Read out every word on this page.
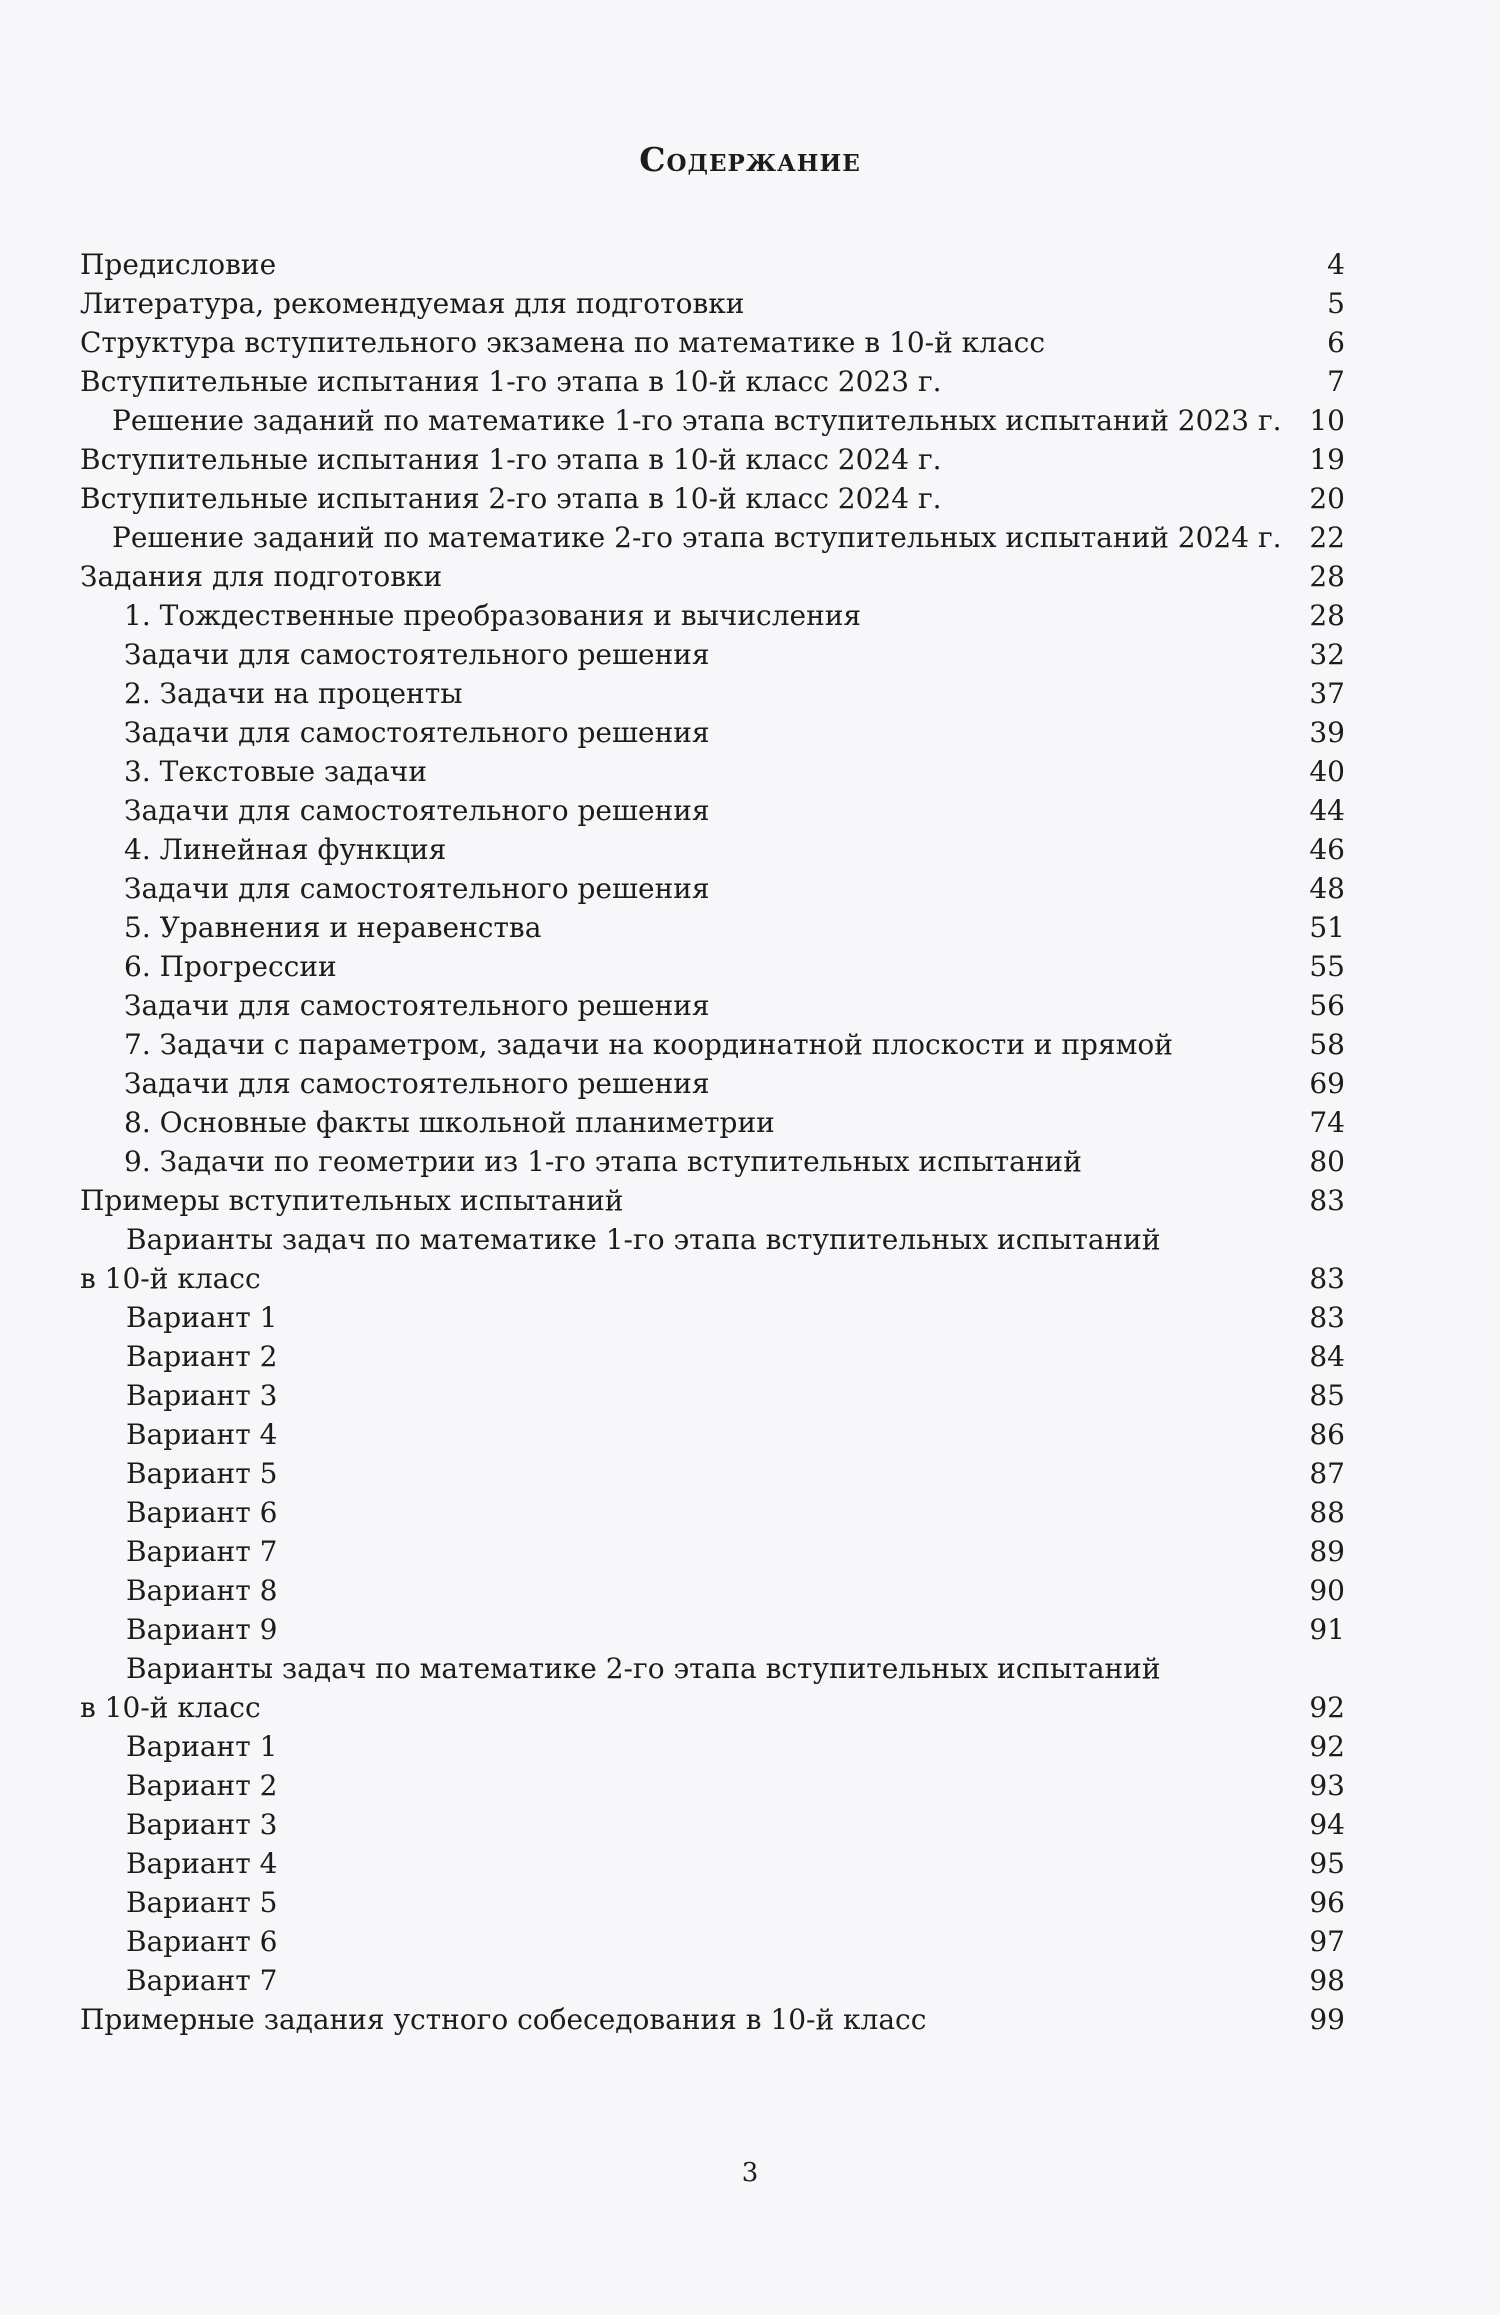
Содержание
Предисловие	4
Литература, рекомендуемая для подготовки	5
Структура вступительного экзамена по математике в 10-й класс	6
Вступительные испытания 1-го этапа в 10-й класс 2023 г.	7
Решение заданий по математике 1-го этапа вступительных испытаний 2023 г. 10
Вступительные испытания 1-го этапа в 10-й класс 2024 г.	19
Вступительные испытания 2-го этапа в 10-й класс 2024 г.	20
Решение заданий по математике 2-го этапа вступительных испытаний 2024 г. 22
Задания для подготовки	28
1. Тождественные преобразования и вычисления	28
Задачи для самостоятельного решения	32
2. Задачи на проценты	37
Задачи для самостоятельного решения	39
3. Текстовые задачи	40
Задачи для самостоятельного решения	44
4. Линейная функция	46
Задачи для самостоятельного решения	48
5. Уравнения и неравенства	51
6. Прогрессии	55
Задачи для самостоятельного решения	56
7. Задачи с параметром, задачи на координатной плоскости и прямой	58
Задачи для самостоятельного решения	69
8. Основные факты школьной планиметрии	74
9. Задачи по геометрии из 1-го этапа вступительных испытаний	80
Примеры вступительных испытаний	83
Варианты задач по математике 1-го этапа вступительных испытаний
в 10-й класс	83
Вариант 1	83
Вариант 2	84
Вариант 3	85
Вариант 4	86
Вариант 5	87
Вариант 6	88
Вариант 7	89
Вариант 8	90
Вариант 9	91
Варианты задач по математике 2-го этапа вступительных испытаний
в 10-й класс	92
Вариант 1	92
Вариант 2	93
Вариант 3	94
Вариант 4	95
Вариант 5	96
Вариант 6	97
Вариант 7	98
Примерные задания устного собеседования в 10-й класс	99
3
